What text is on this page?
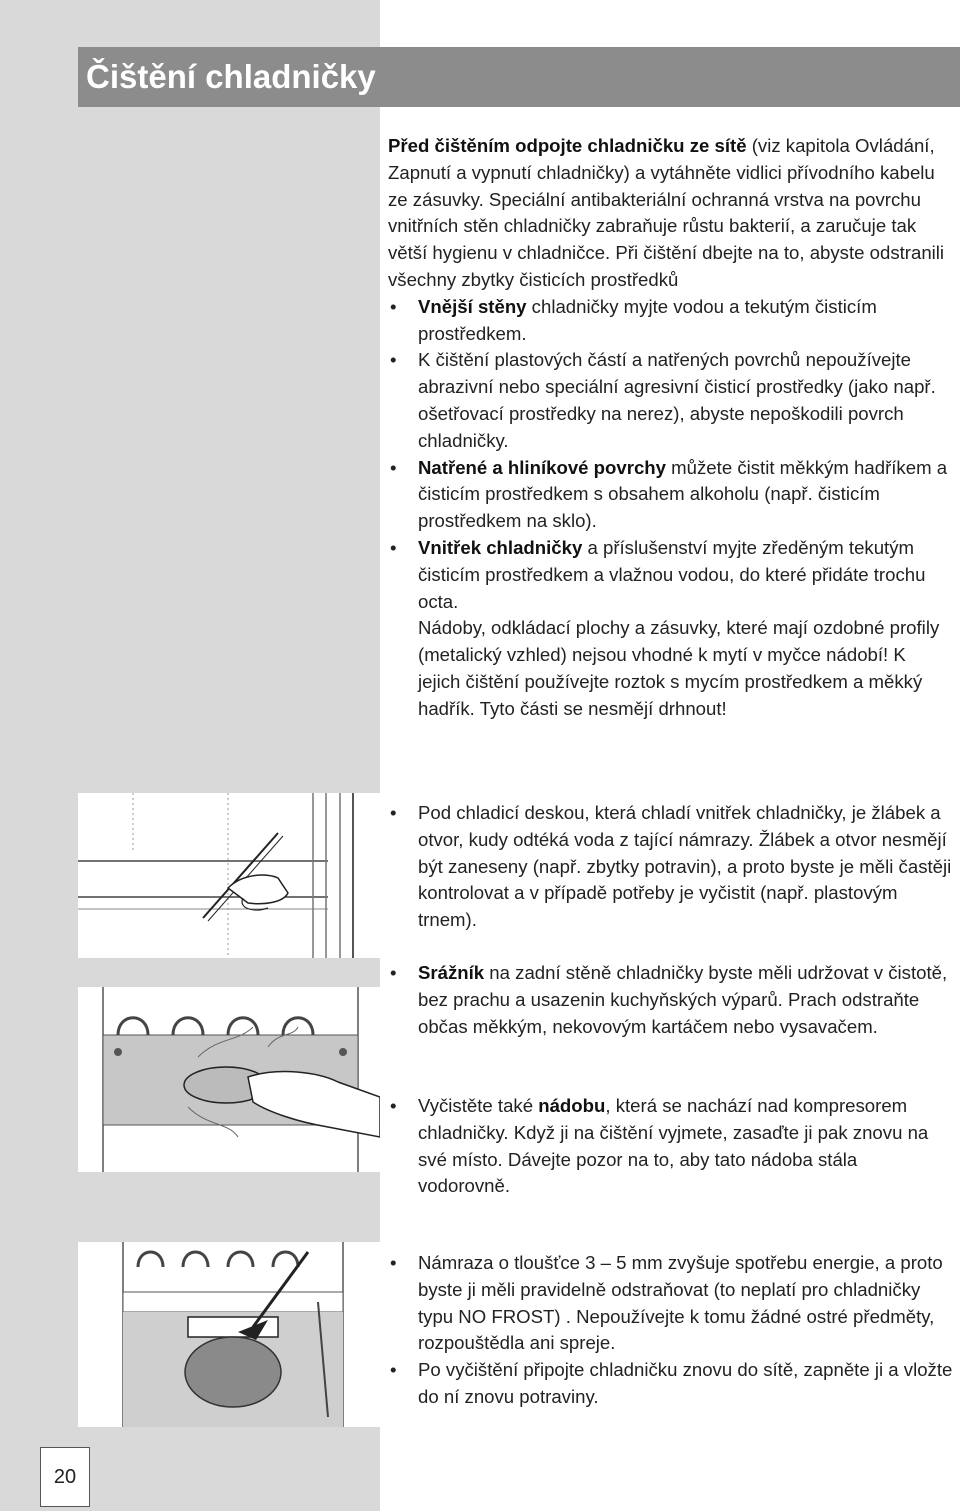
Čištění chladničky

Před čištěním odpojte chladničku ze sítě (viz kapitola Ovládání, Zapnutí a vypnutí chladničky) a vytáhněte vidlici přívodního kabelu ze zásuvky. Speciální antibakteriální ochranná vrstva na povrchu vnitřních stěn chladničky zabraňuje růstu bakterií, a zaručuje tak větší hygienu v chladničce. Při čištění dbejte na to, abyste odstranili všechny zbytky čisticích prostředků

• Vnější stěny chladničky myjte vodou a tekutým čisticím prostředkem.

• K čištění plastových částí a natřených povrchů nepoužívejte abrazivní nebo speciální agresivní čisticí prostředky (jako např. ošetřovací prostředky na nerez), abyste nepoškodili povrch chladničky.

• Natřené a hliníkové povrchy můžete čistit měkkým hadříkem a čisticím prostředkem s obsahem alkoholu (např. čisticím prostředkem na sklo).

• Vnitřek chladničky a příslušenství myjte zředěným tekutým čisticím prostředkem a vlažnou vodou, do které přidáte trochu octa.

Nádoby, odkládací plochy a zásuvky, které mají ozdobné profily (metalický vzhled) nejsou vhodné k mytí v myčce nádobí! K jejich čištění používejte roztok s mycím prostředkem a měkký hadřík. Tyto části se nesmějí drhnout!

• Pod chladicí deskou, která chladí vnitřek chladničky, je žlábek a otvor, kudy odtéká voda z tající námrazy. Žlábek a otvor nesmějí být zaneseny (např. zbytky potravin), a proto byste je měli častěji kontrolovat a v případě potřeby je vyčistit (např. plastovým trnem).

• Srážník na zadní stěně chladničky byste měli udržovat v čistotě, bez prachu a usazenin kuchyňských výparů. Prach odstraňte občas měkkým, nekovovým kartáčem nebo vysavačem.

• Vyčistěte také nádobu, která se nachází nad kompresorem chladničky. Když ji na čištění vyjmete, zasaďte ji pak znovu na své místo. Dávejte pozor na to, aby tato nádoba stála vodorovně.

• Námraza o tloušťce 3 – 5 mm zvyšuje spotřebu energie, a proto byste ji měli pravidelně odstraňovat (to neplatí pro chladničky typu NO FROST) . Nepoužívejte k tomu žádné ostré předměty, rozpouštědla ani spreje.

• Po vyčištění připojte chladničku znovu do sítě, zapněte ji a vložte do ní znovu potraviny.

20
